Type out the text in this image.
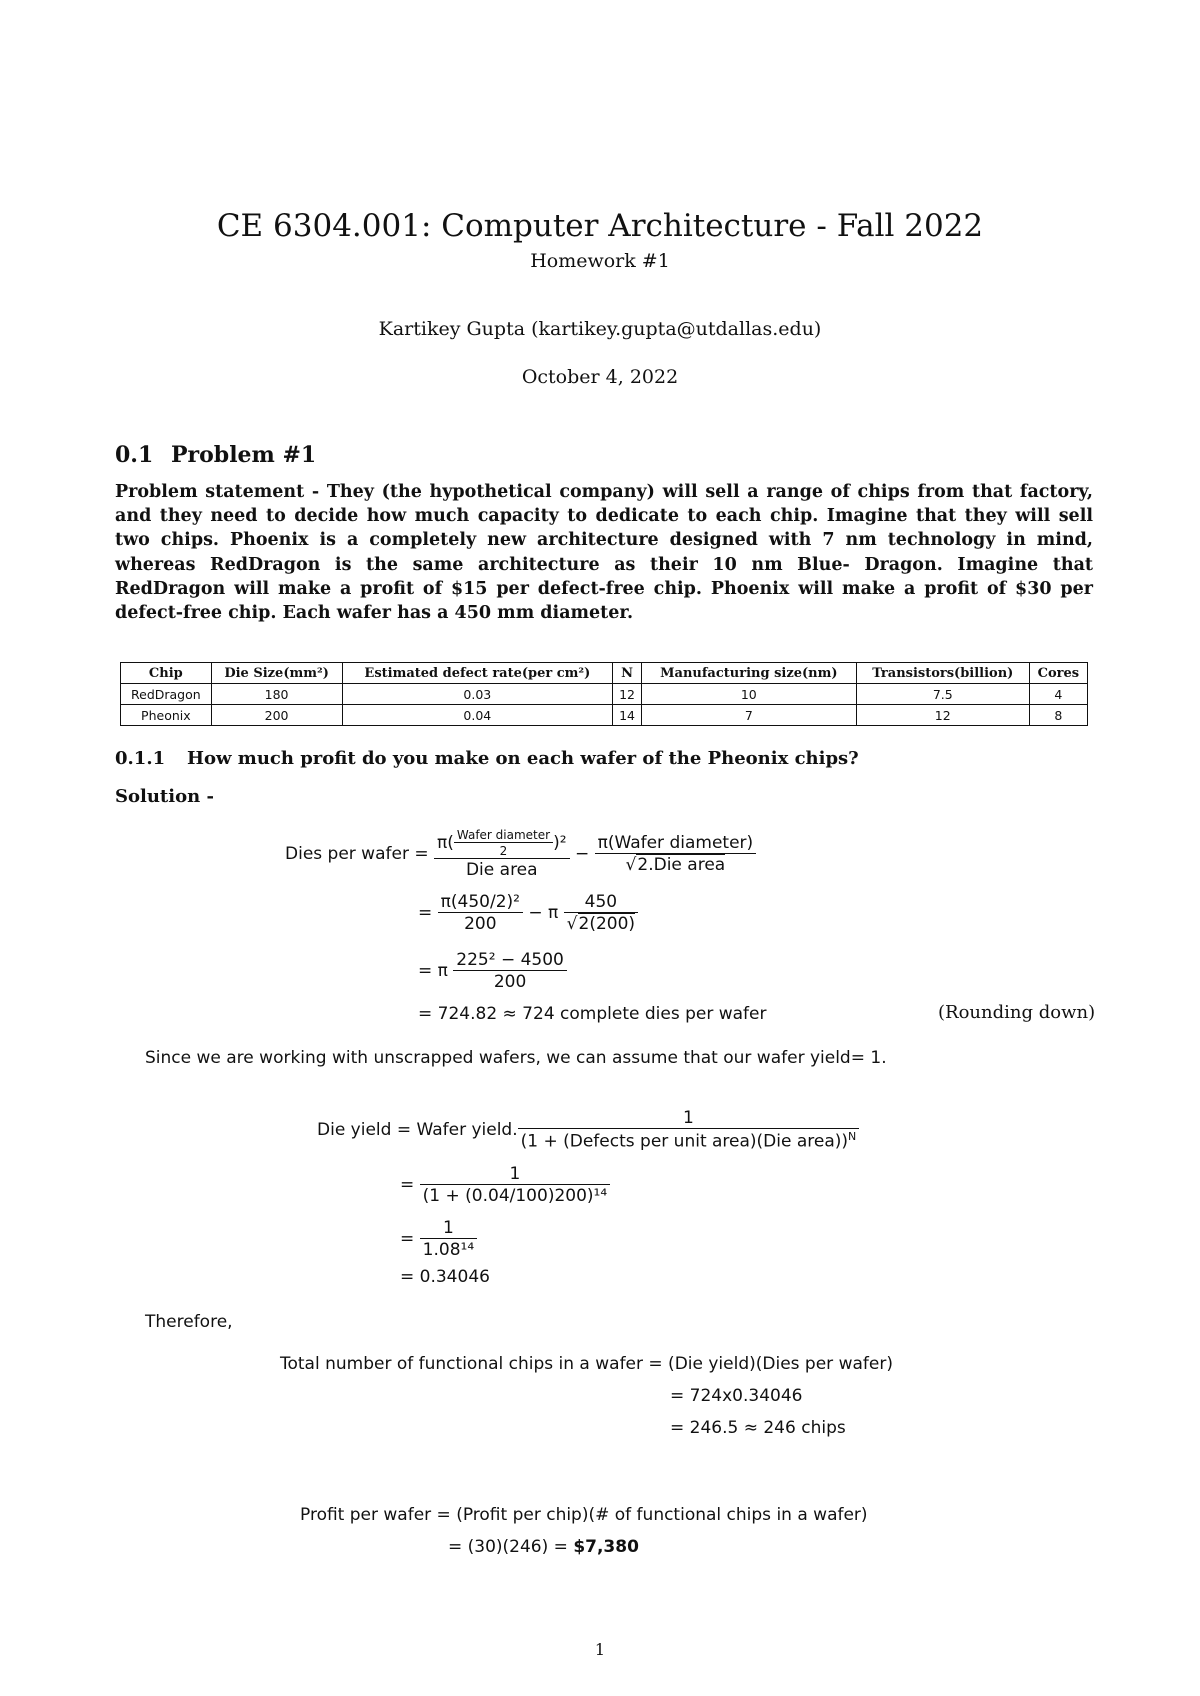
CE 6304.001: Computer Architecture - Fall 2022
Homework #1
Kartikey Gupta (kartikey.gupta@utdallas.edu)
October 4, 2022
0.1 Problem #1
Problem statement - They (the hypothetical company) will sell a range of chips from that factory, and they need to decide how much capacity to dedicate to each chip. Imagine that they will sell two chips. Phoenix is a completely new architecture designed with 7 nm technology in mind, whereas RedDragon is the same architecture as their 10 nm Blue- Dragon. Imagine that RedDragon will make a profit of $15 per defect-free chip. Phoenix will make a profit of $30 per defect-free chip. Each wafer has a 450 mm diameter.
Chip	Die Size(mm²)	Estimated defect rate(per cm²)	N	Manufacturing size(nm)	Transistors(billion)	Cores
RedDragon	180	0.03	12	10	7.5	4
Pheonix	200	0.04	14	7	12	8
0.1.1 How much profit do you make on each wafer of the Pheonix chips?
Solution -
Dies per wafer = $\frac{\pi( \frac{\text{Wafer diameter}}{2} )^2}{\text{Die area}} - \frac{\text{π(Wafer diameter)}}{\text{√2.Die area}}$
= $\frac{\text{π(450/2)²}}{200} - \pi \frac{450}{√2(200)}$
= π $\frac{\text{225² − 4500}}{200}$
= 724.82 ≈ 724 complete dies per wafer	(Rounding down)
Since we are working with unscrapped wafers, we can assume that our wafer yield= 1.
Die yield = Wafer yield. $\frac{1}{(1 + (Defects per unit area)(Die area))^N}$
= $\frac{1}{\text{(1 + (0.04/100)200)¹⁴}}$
= $\frac{1}{\text{1.08¹⁴}}$
= 0.34046
Therefore,
Total number of functional chips in a wafer = (Die yield)(Dies per wafer)
= 724x0.34046
= 246.5 ≈ 246 chips
Profit per wafer = (Profit per chip)(# of functional chips in a wafer)
= (30)(246) = $7,380
1
